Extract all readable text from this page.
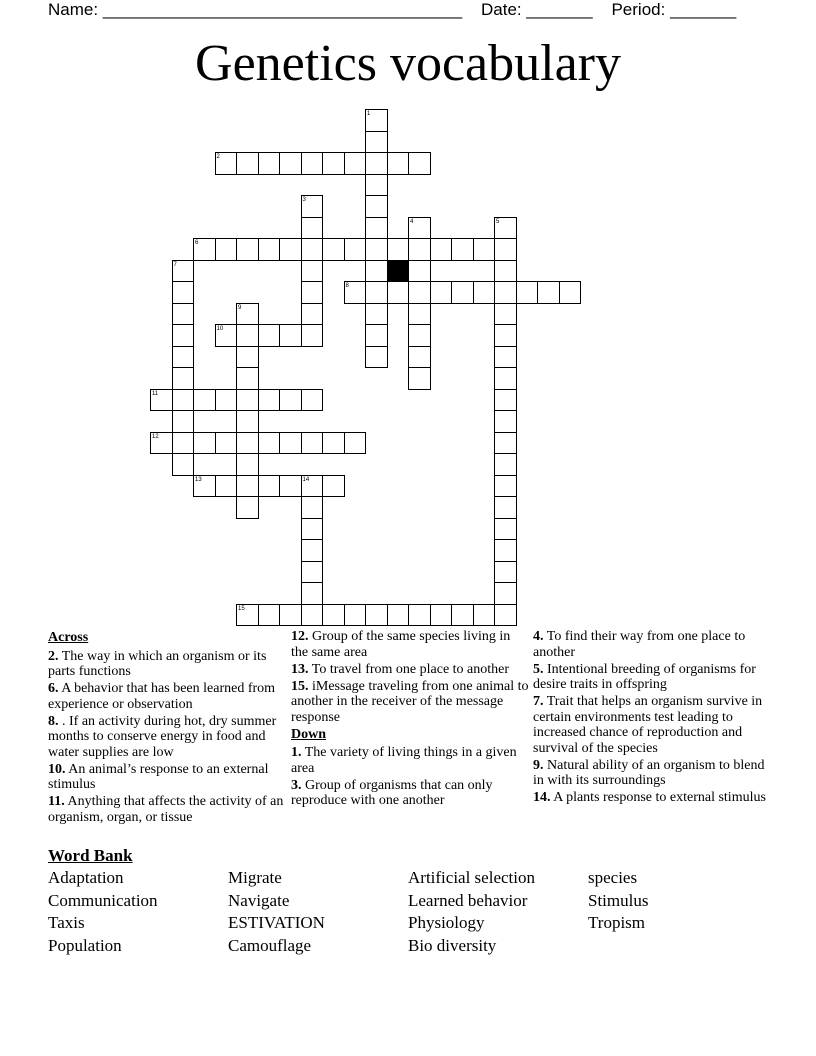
Name: ______________________________________ Date: _______ Period: _______
Genetics vocabulary
1
2
3
4	5
6
7
8
9
10
11
12
13	14
15
Across
2. The way in which an organism or its parts functions
6. A behavior that has been learned from experience or observation
8. . If an activity during hot, dry summer months to conserve energy in food and water supplies are low
10. An animal’s response to an external stimulus
11. Anything that affects the activity of an organism, organ, or tissue
12. Group of the same species living in the same area
13. To travel from one place to another
15. iMessage traveling from one animal to another in the receiver of the message response
Down
1. The variety of living things in a given area
3. Group of organisms that can only reproduce with one another
4. To find their way from one place to another
5. Intentional breeding of organisms for desire traits in offspring
7. Trait that helps an organism survive in certain environments test leading to increased chance of reproduction and survival of the species
9. Natural ability of an organism to blend in with its surroundings
14. A plants response to external stimulus
Word Bank
Adaptation
Communication
Taxis
Population
Migrate
Navigate
ESTIVATION
Camouflage
Artificial selection
Learned behavior
Physiology
Bio diversity
species
Stimulus
Tropism
